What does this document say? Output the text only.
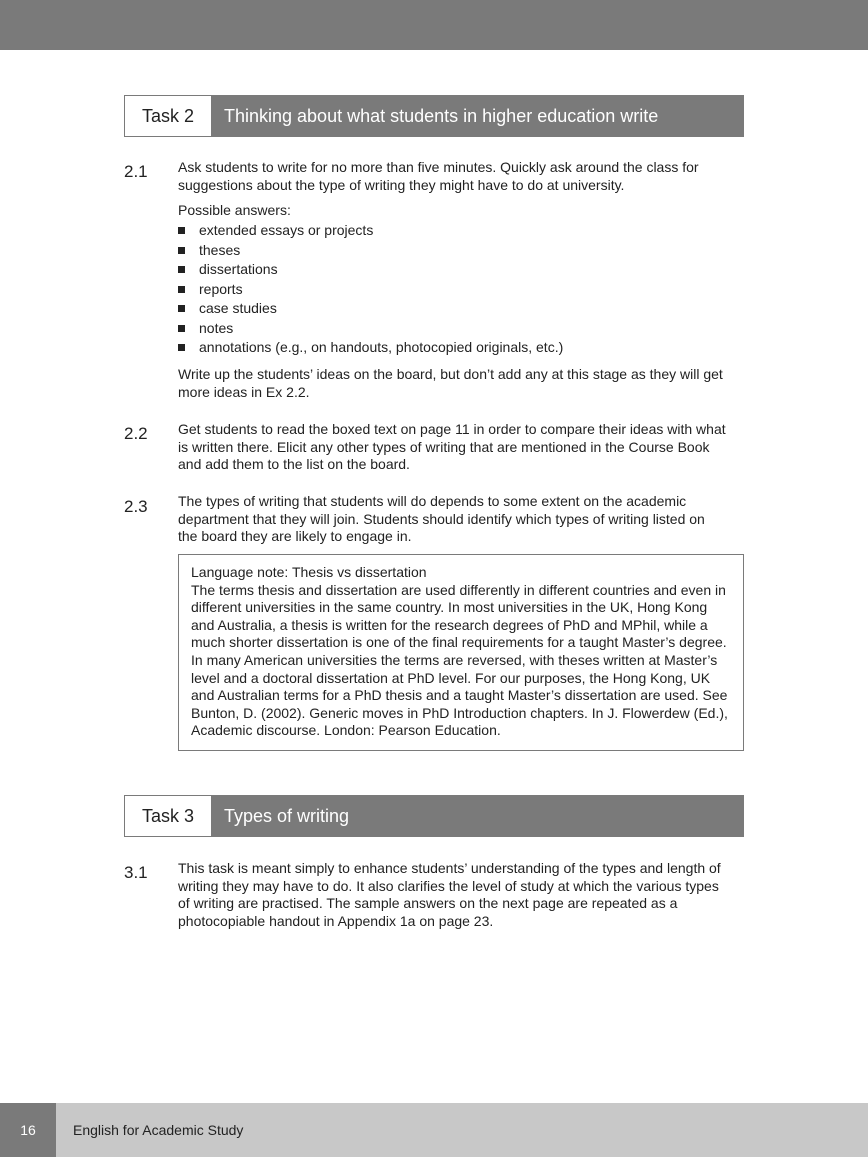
Task 2	Thinking about what students in higher education write
2.1 Ask students to write for no more than five minutes. Quickly ask around the class for suggestions about the type of writing they might have to do at university.
Possible answers:
extended essays or projects
theses
dissertations
reports
case studies
notes
annotations (e.g., on handouts, photocopied originals, etc.)
Write up the students’ ideas on the board, but don’t add any at this stage as they will get more ideas in Ex 2.2.
2.2 Get students to read the boxed text on page 11 in order to compare their ideas with what is written there. Elicit any other types of writing that are mentioned in the Course Book and add them to the list on the board.
2.3 The types of writing that students will do depends to some extent on the academic department that they will join. Students should identify which types of writing listed on the board they are likely to engage in.
Language note: Thesis vs dissertation
The terms thesis and dissertation are used differently in different countries and even in different universities in the same country. In most universities in the UK, Hong Kong and Australia, a thesis is written for the research degrees of PhD and MPhil, while a much shorter dissertation is one of the final requirements for a taught Master’s degree. In many American universities the terms are reversed, with theses written at Master’s level and a doctoral dissertation at PhD level. For our purposes, the Hong Kong, UK and Australian terms for a PhD thesis and a taught Master’s dissertation are used. See Bunton, D. (2002). Generic moves in PhD Introduction chapters. In J. Flowerdew (Ed.), Academic discourse. London: Pearson Education.
Task 3	Types of writing
3.1 This task is meant simply to enhance students’ understanding of the types and length of writing they may have to do. It also clarifies the level of study at which the various types of writing are practised. The sample answers on the next page are repeated as a photocopiable handout in Appendix 1a on page 23.
16	English for Academic Study
